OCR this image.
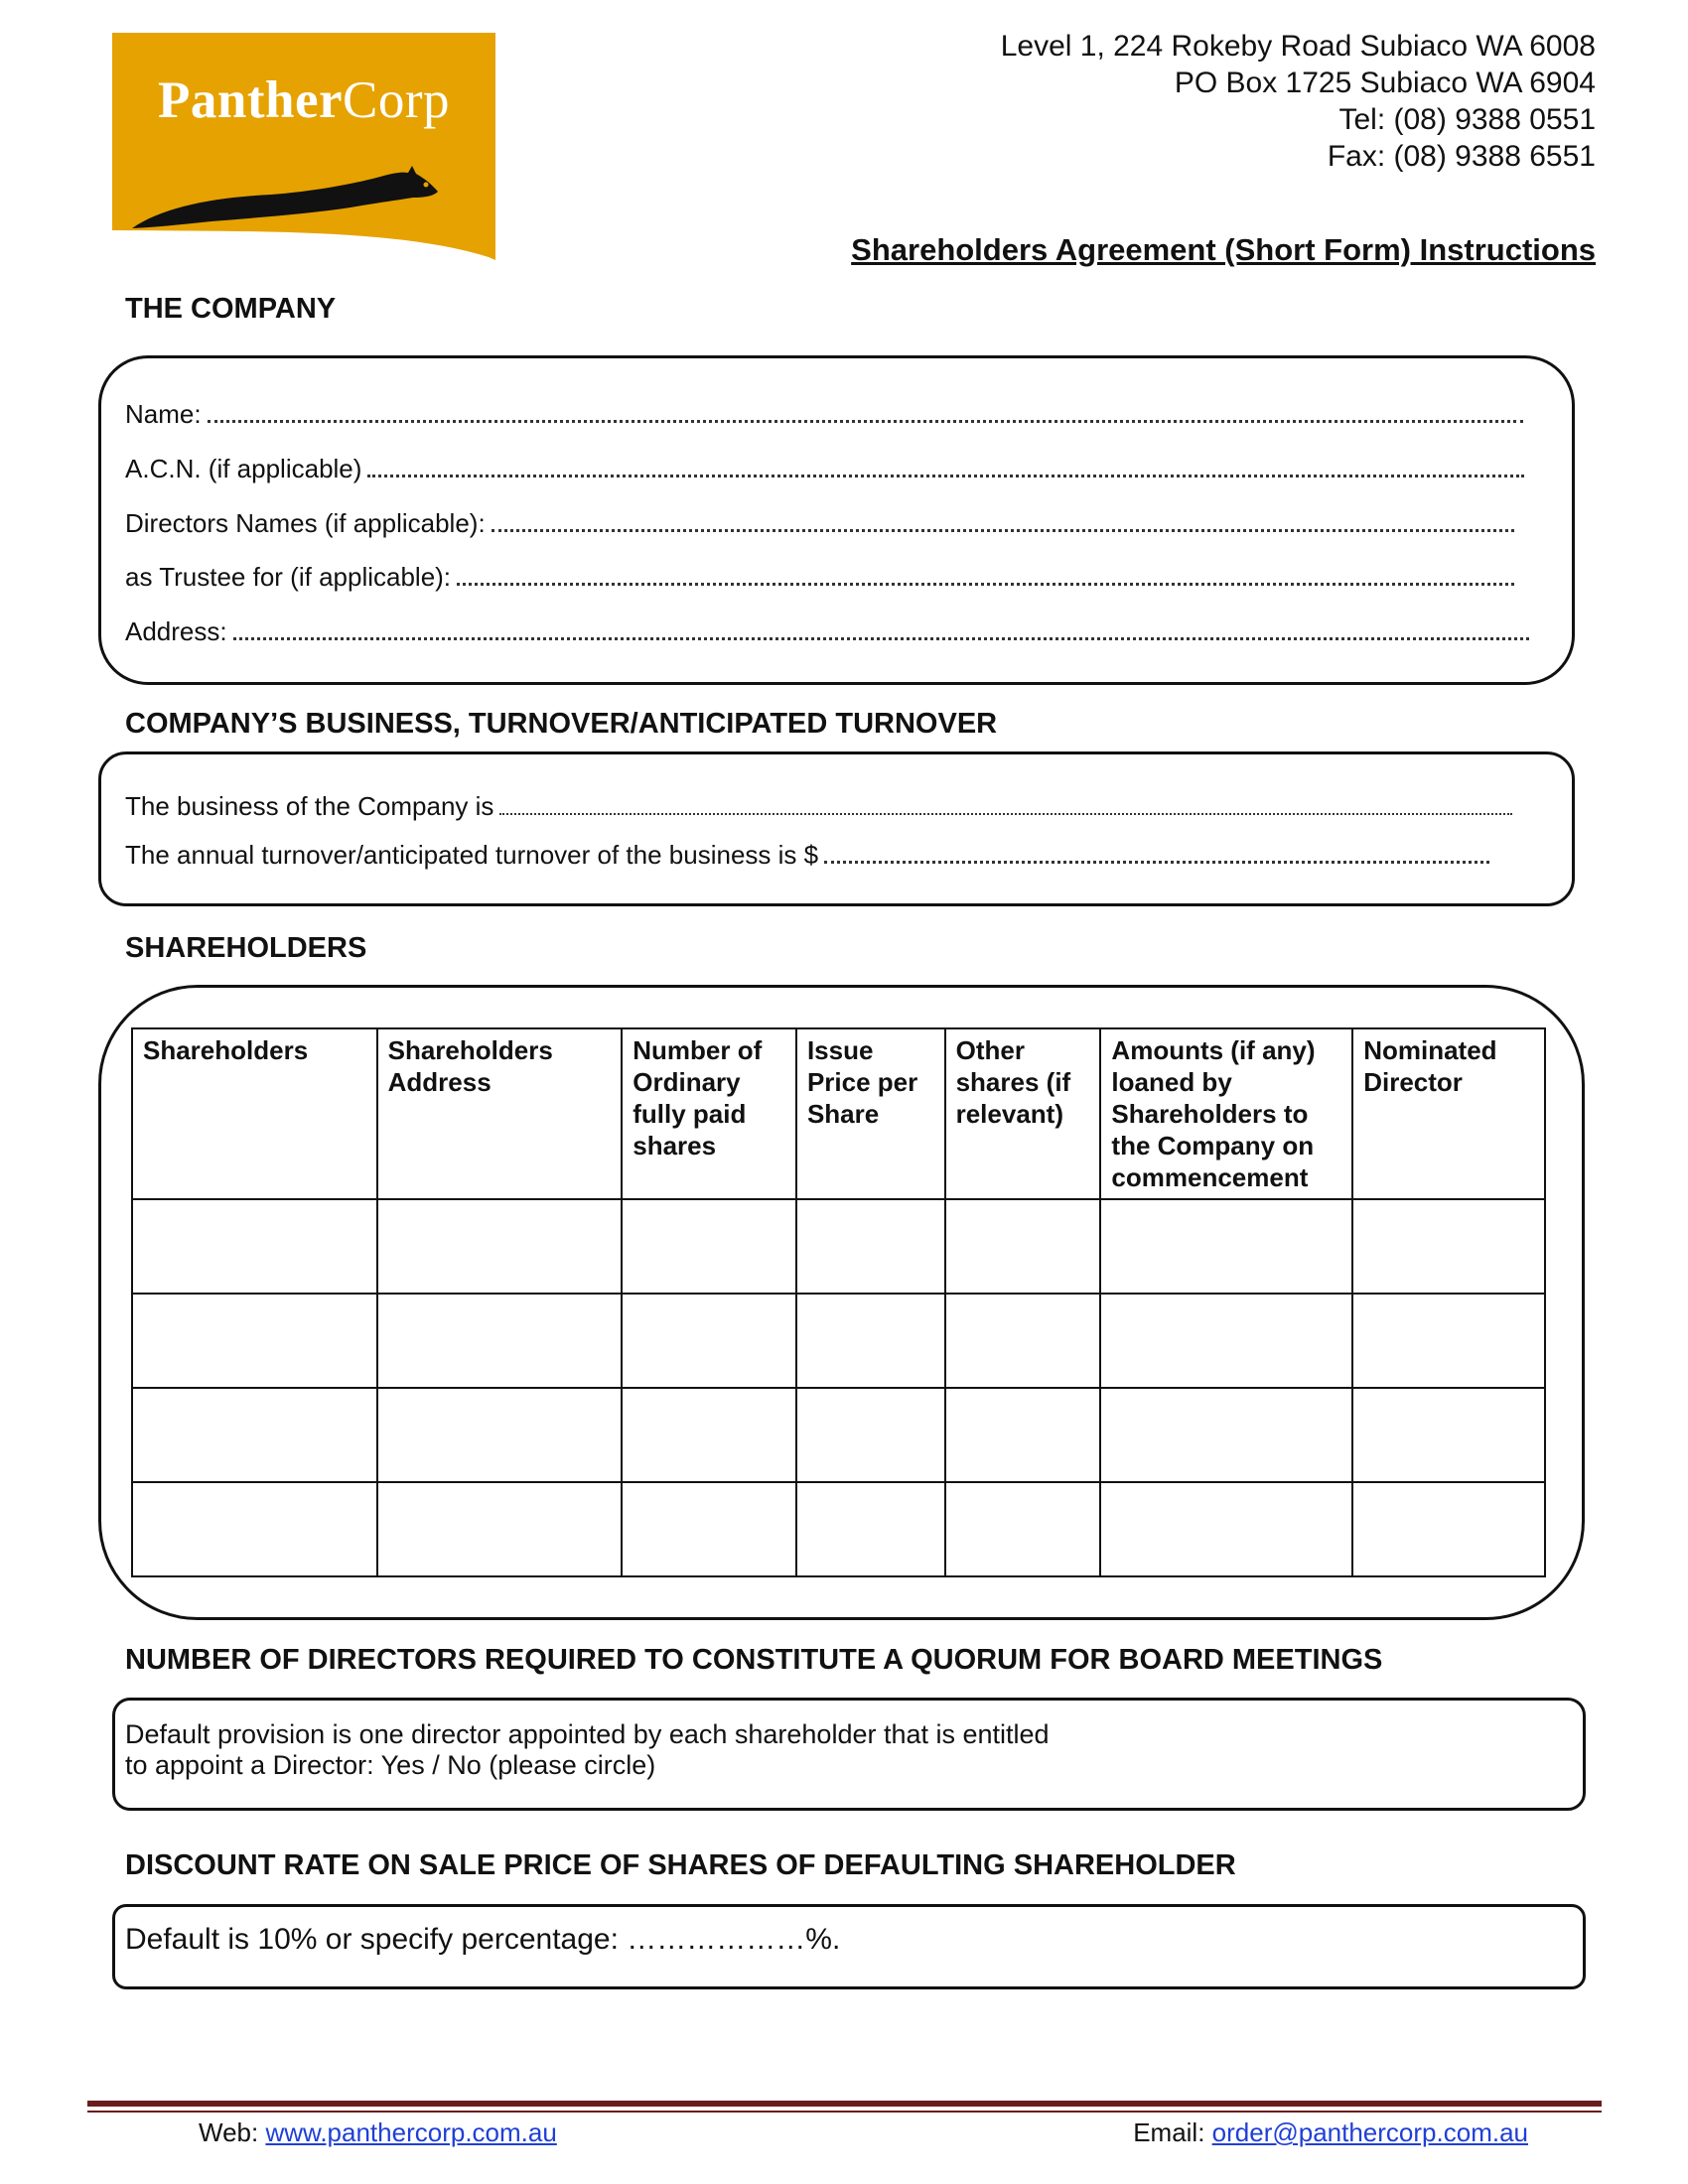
PantherCorp
Level 1, 224 Rokeby Road Subiaco WA 6008
PO Box 1725 Subiaco WA 6904
Tel: (08) 9388 0551
Fax: (08) 9388 6551
Shareholders Agreement (Short Form) Instructions
THE COMPANY
Name:
A.C.N. (if applicable)
Directors Names (if applicable):
as Trustee for (if applicable):
Address:
COMPANY’S BUSINESS, TURNOVER/ANTICIPATED TURNOVER
The business of the Company is
The annual turnover/anticipated turnover of the business is $
SHAREHOLDERS
Shareholders	Shareholders Address	Number of Ordinary fully paid shares	Issue Price per Share	Other shares (if relevant)	Amounts (if any) loaned by Shareholders to the Company on commencement	Nominated Director

NUMBER OF DIRECTORS REQUIRED TO CONSTITUTE A QUORUM FOR BOARD MEETINGS
Default provision is one director appointed by each shareholder that is entitled
to appoint a Director: Yes / No (please circle)
DISCOUNT RATE ON SALE PRICE OF SHARES OF DEFAULTING SHAREHOLDER
Default is 10% or specify percentage: ………………%.
Web: www.panthercorp.com.au	Email: order@panthercorp.com.au
